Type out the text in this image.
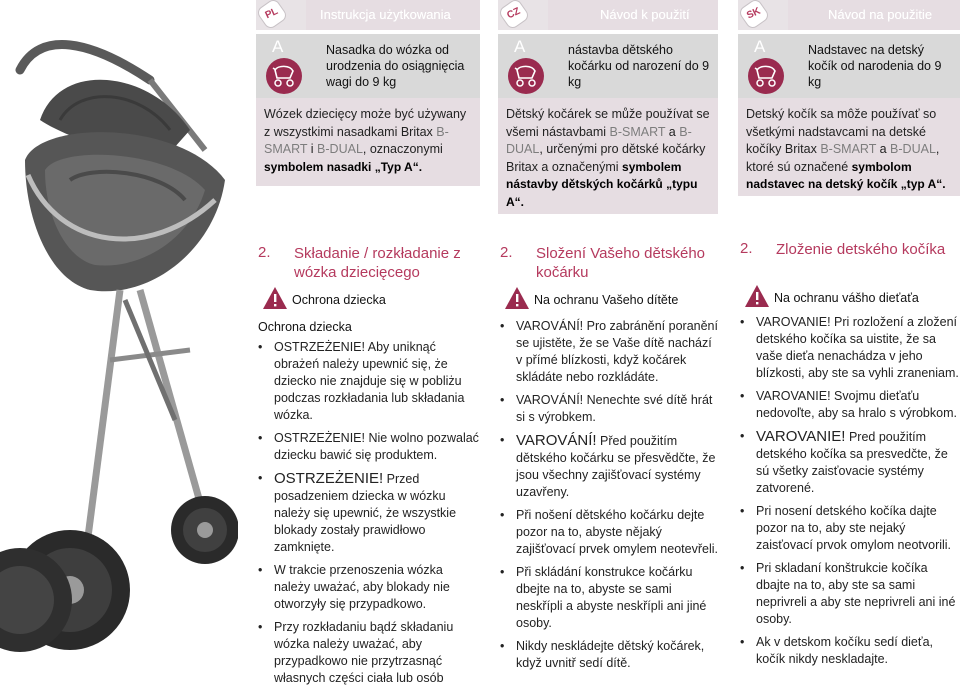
PL	Instrukcja użytkowania
A	Nasadka do wózka od urodzenia do osiągnięcia wagi do 9 kg
Wózek dziecięcy może być używany z wszystkimi nasadkami Britax B-SMART i B-DUAL, oznaczonymi symbolem nasadki „Typ A“.
2. Składanie / rozkładanie z wózka dziecięcego
Ochrona dziecka
Ochrona dziecka
• OSTRZEŻENIE! Aby uniknąć obrażeń należy upewnić się, że dziecko nie znajduje się w pobliżu podczas rozkładania lub składania wózka.
• OSTRZEŻENIE! Nie wolno pozwalać dziecku bawić się produktem.
• OSTRZEŻENIE! Przed posadzeniem dziecka w wózku należy się upewnić, że wszystkie blokady zostały prawidłowo zamknięte.
• W trakcie przenoszenia wózka należy uważać, aby blokady nie otworzyły się przypadkowo.
• Przy rozkładaniu bądź składaniu wózka należy uważać, aby przypadkowo nie przytrzasnąć własnych części ciała lub osób
CZ	Návod k použití
A	nástavba dětského kočárku od narození do 9 kg
Dětský kočárek se může používat se všemi nástavbami B-SMART a B-DUAL, určenými pro dětské kočárky Britax a označenými symbolem nástavby dětských kočárků „typu A“.
2. Složení Vašeho dětského kočárku
Na ochranu Vašeho dítěte
• VAROVÁNÍ! Pro zabránění poranění se ujistěte, že se Vaše dítě nachází v přímé blízkosti, když kočárek skládáte nebo rozkládáte.
• VAROVÁNÍ! Nenechte své dítě hrát si s výrobkem.
• VAROVÁNÍ! Před použitím dětského kočárku se přesvědčte, že jsou všechny zajišťovací systémy uzavřeny.
• Při nošení dětského kočárku dejte pozor na to, abyste nějaký zajišťovací prvek omylem neotevřeli.
• Při skládání konstrukce kočárku dbejte na to, abyste se sami neskřípli a abyste neskřípli ani jiné osoby.
• Nikdy neskládejte dětský kočárek, když uvnitř sedí dítě.
SK	Návod na použitie
A	Nadstavec na detský kočík od narodenia do 9 kg
Detský kočík sa môže používať so všetkými nadstavcami na detské kočíky Britax B-SMART a B-DUAL, ktoré sú označené symbolom nadstavec na detský kočík „typ A“.
2. Zloženie detského kočíka
Na ochranu vášho dieťaťa
• VAROVANIE! Pri rozložení a zložení detského kočíka sa uistite, že sa vaše dieťa nenachádza v jeho blízkosti, aby ste sa vyhli zraneniam.
• VAROVANIE! Svojmu dieťaťu nedovoľte, aby sa hralo s výrobkom.
• VAROVANIE! Pred použitím detského kočíka sa presvedčte, že sú všetky zaisťovacie systémy zatvorené.
• Pri nosení detského kočíka dajte pozor na to, aby ste nejaký zaisťovací prvok omylom neotvorili.
• Pri skladaní konštrukcie kočíka dbajte na to, aby ste sa sami neprivreli a aby ste neprivreli ani iné osoby.
• Ak v detskom kočíku sedí dieťa, kočík nikdy neskladajte.
